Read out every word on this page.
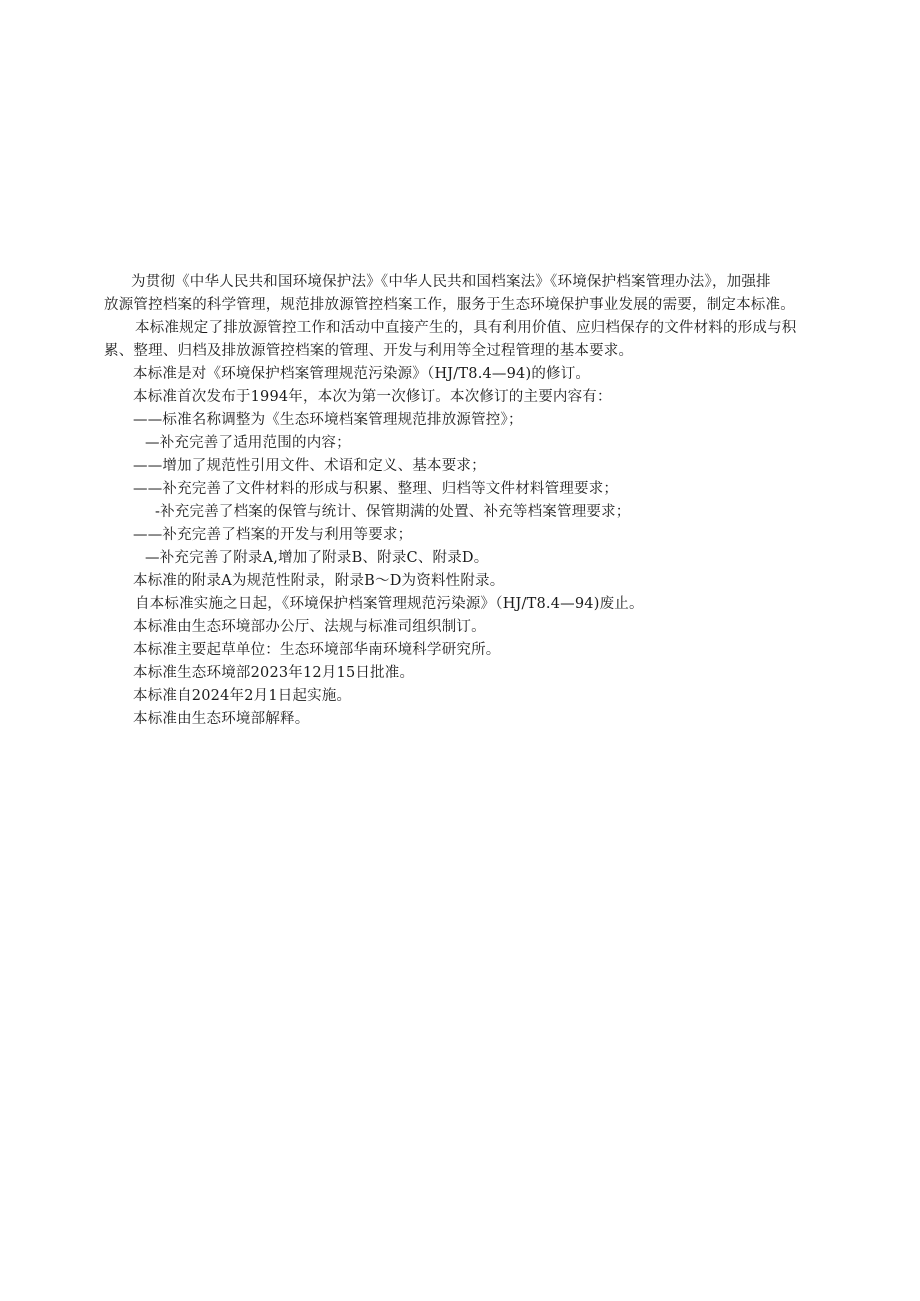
为贯彻《中华人民共和国环境保护法》《中华人民共和国档案法》《环境保护档案管理办法》，加强排
放源管控档案的科学管理，规范排放源管控档案工作，服务于生态环境保护事业发展的需要，制定本标准。
本标准规定了排放源管控工作和活动中直接产生的，具有利用价值、应归档保存的文件材料的形成与积
累、整理、归档及排放源管控档案的管理、开发与利用等全过程管理的基本要求。
本标准是对《环境保护档案管理规范污染源》（HJ/T8.4—94)的修订。
本标准首次发布于1994年，本次为第一次修订。本次修订的主要内容有：
——标准名称调整为《生态环境档案管理规范排放源管控》；
—补充完善了适用范围的内容；
——增加了规范性引用文件、术语和定义、基本要求；
——补充完善了文件材料的形成与积累、整理、归档等文件材料管理要求；
-补充完善了档案的保管与统计、保管期满的处置、补充等档案管理要求；
——补充完善了档案的开发与利用等要求；
—补充完善了附录A,增加了附录B、附录C、附录D。
本标准的附录A为规范性附录，附录B〜D为资料性附录。
自本标准实施之日起，《环境保护档案管理规范污染源》（HJ/T8.4—94)废止。
本标准由生态环境部办公厅、法规与标准司组织制订。
本标准主要起草单位：生态环境部华南环境科学研究所。
本标准生态环境部2023年12月15日批准。
本标准自2024年2月1日起实施。
本标准由生态环境部解释。
